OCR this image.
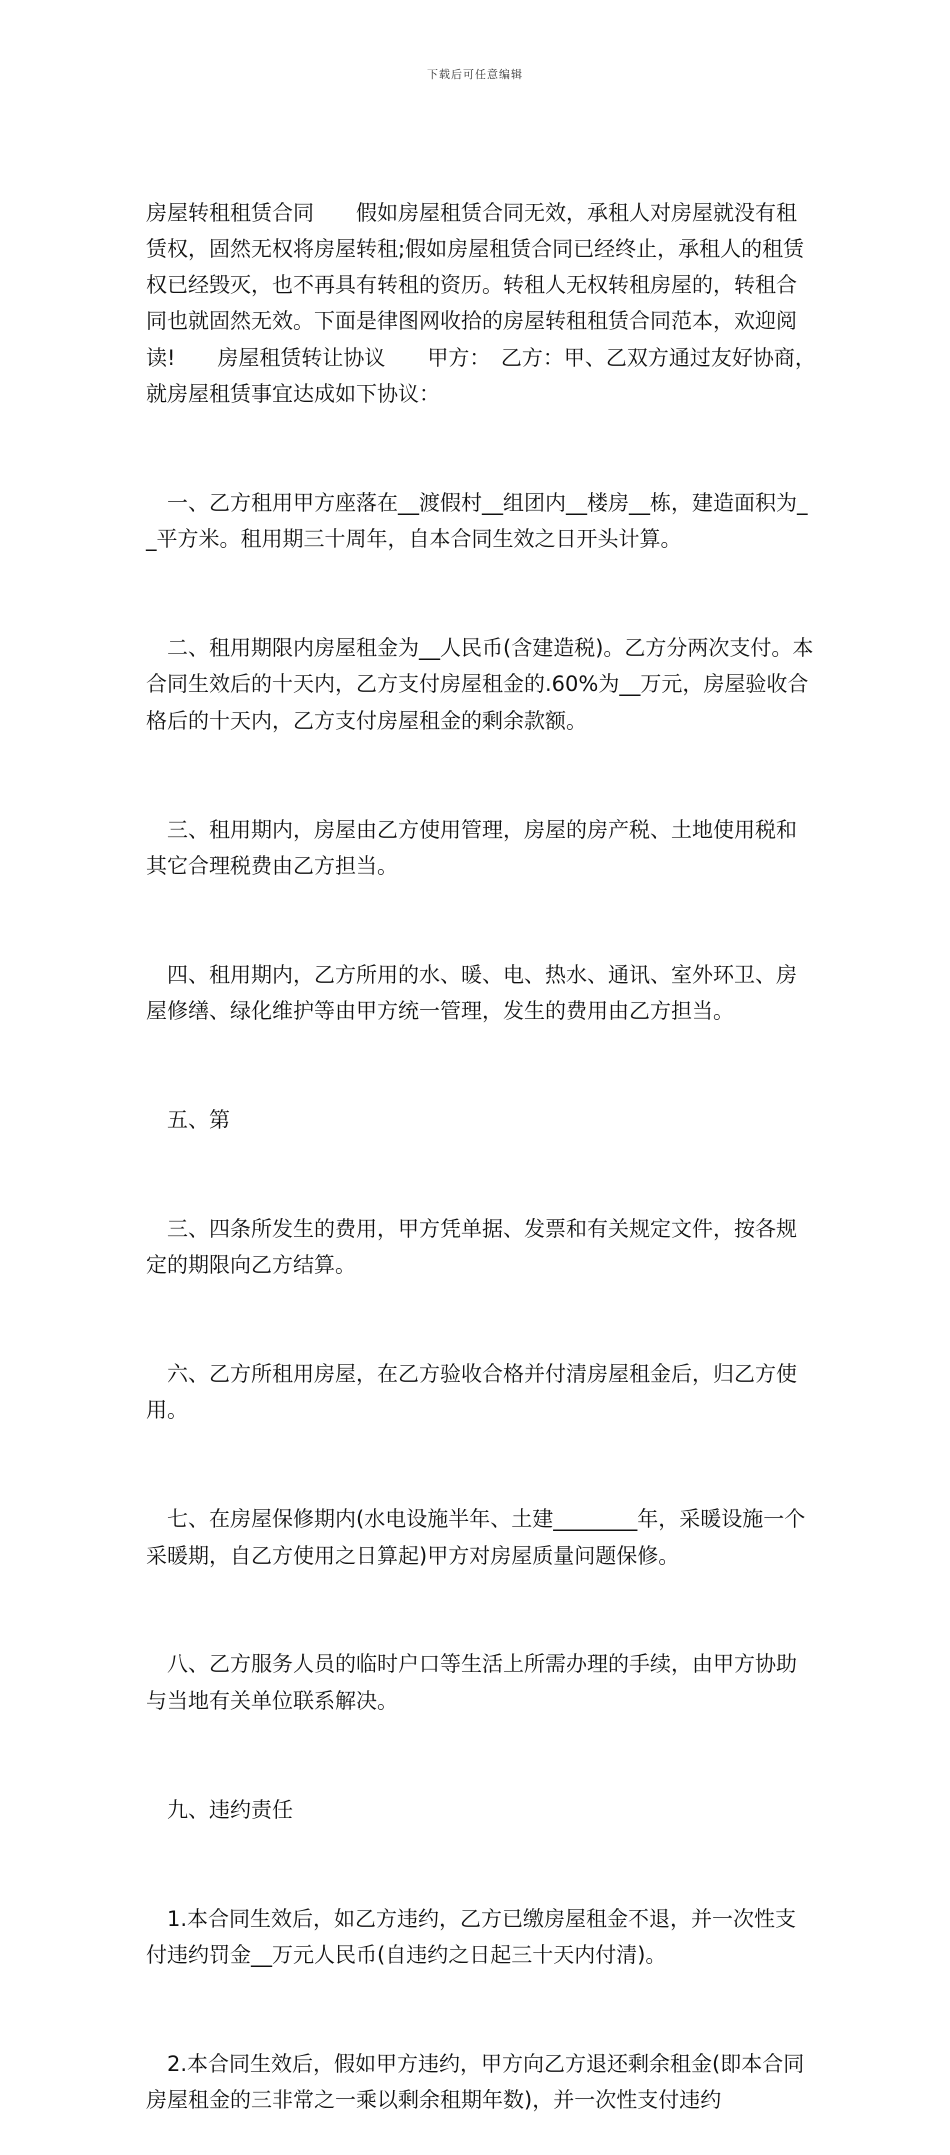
下载后可任意编辑

房屋转租租赁合同　　假如房屋租赁合同无效，承租人对房屋就没有租赁权，固然无权将房屋转租;假如房屋租赁合同已经终止，承租人的租赁权已经毁灭，也不再具有转租的资历。转租人无权转租房屋的，转租合同也就固然无效。下面是律图网收拾的房屋转租租赁合同范本，欢迎阅读!　　房屋租赁转让协议　　甲方：　乙方：甲、乙双方通过友好协商，就房屋租赁事宜达成如下协议：

　一、乙方租用甲方座落在__渡假村__组团内__楼房__栋，建造面积为__平方米。租用期三十周年，自本合同生效之日开头计算。

　二、租用期限内房屋租金为__人民币(含建造税)。乙方分两次支付。本合同生效后的十天内，乙方支付房屋租金的.60%为__万元，房屋验收合格后的十天内，乙方支付房屋租金的剩余款额。

　三、租用期内，房屋由乙方使用管理，房屋的房产税、土地使用税和其它合理税费由乙方担当。

　四、租用期内，乙方所用的水、暖、电、热水、通讯、室外环卫、房屋修缮、绿化维护等由甲方统一管理，发生的费用由乙方担当。

　五、第

　三、四条所发生的费用，甲方凭单据、发票和有关规定文件，按各规定的期限向乙方结算。

　六、乙方所租用房屋，在乙方验收合格并付清房屋租金后，归乙方使用。

　七、在房屋保修期内(水电设施半年、土建________年，采暖设施一个采暖期，自乙方使用之日算起)甲方对房屋质量问题保修。

　八、乙方服务人员的临时户口等生活上所需办理的手续，由甲方协助与当地有关单位联系解决。

　九、违约责任

　1.本合同生效后，如乙方违约，乙方已缴房屋租金不退，并一次性支付违约罚金__万元人民币(自违约之日起三十天内付清)。

　2.本合同生效后，假如甲方违约，甲方向乙方退还剩余租金(即本合同房屋租金的三非常之一乘以剩余租期年数)，并一次性支付违约
